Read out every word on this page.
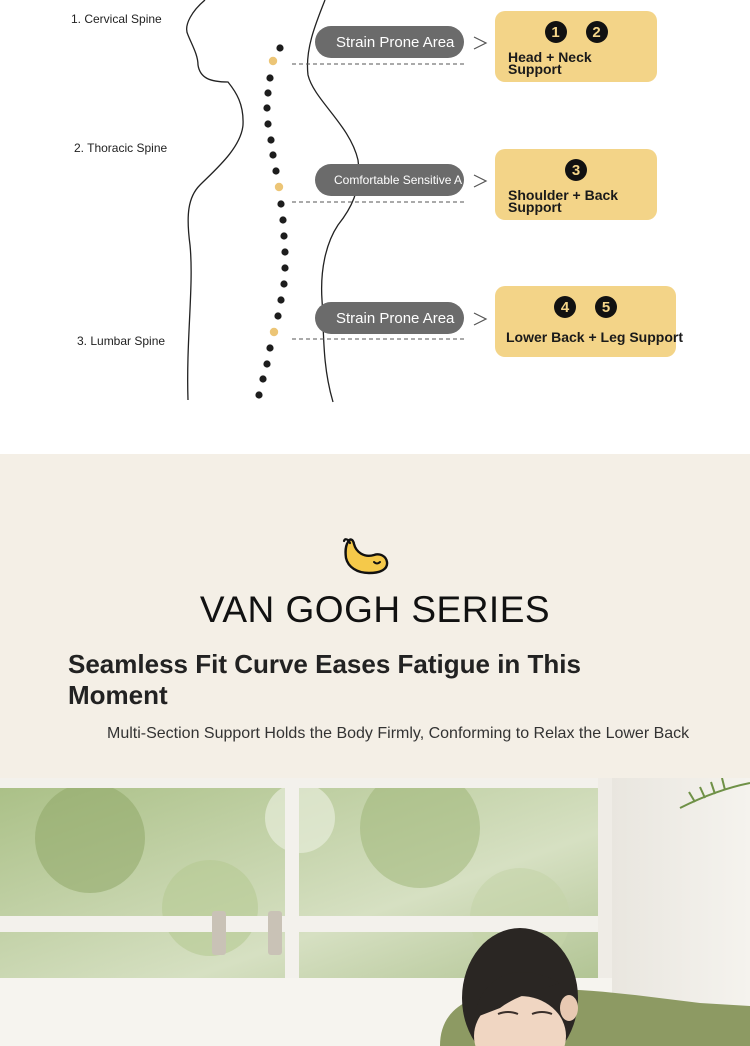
1. Cervical Spine
2. Thoracic Spine
3. Lumbar Spine
Strain Prone Area
Comfortable Sensitive A
Strain Prone Area
1	2
Head + Neck
Support
3
Shoulder + Back
Support
4	5
Lower Back + Leg Support
VAN GOGH SERIES
Seamless Fit Curve Eases Fatigue in This Moment
Multi-Section Support Holds the Body Firmly, Conforming to Relax the Lower Back
